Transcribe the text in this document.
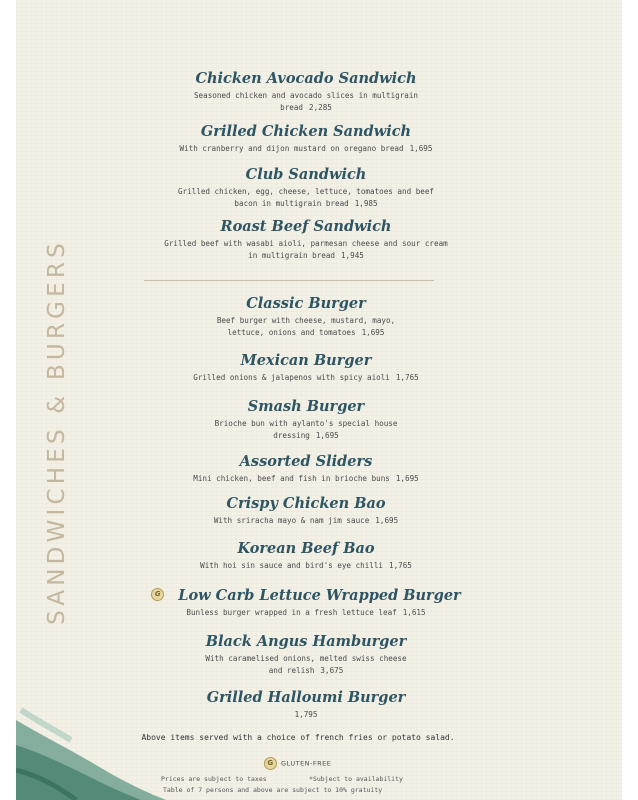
SANDWICHES & BURGERS
Chicken Avocado Sandwich
Seasoned chicken and avocado slices in multigrain bread 2,285
Grilled Chicken Sandwich
With cranberry and dijon mustard on oregano bread 1,695
Club Sandwich
Grilled chicken, egg, cheese, lettuce, tomatoes and beef bacon in multigrain bread 1,985
Roast Beef Sandwich
Grilled beef with wasabi aioli, parmesan cheese and sour cream in multigrain bread 1,945
Classic Burger
Beef burger with cheese, mustard, mayo, lettuce, onions and tomatoes 1,695
Mexican Burger
Grilled onions & jalapenos with spicy aioli 1,765
Smash Burger
Brioche bun with aylanto's special house dressing 1,695
Assorted Sliders
Mini chicken, beef and fish in brioche buns 1,695
Crispy Chicken Bao
With sriracha mayo & nam jim sauce 1,695
Korean Beef Bao
With hoi sin sauce and bird's eye chilli 1,765
G Low Carb Lettuce Wrapped Burger
Bunless burger wrapped in a fresh lettuce leaf 1,615
Black Angus Hamburger
With caramelised onions, melted swiss cheese and relish 3,675
Grilled Halloumi Burger
1,795
Above items served with a choice of french fries or potato salad.
G GLUTEN-FREE
Prices are subject to taxes	*Subject to availability
Table of 7 persons and above are subject to 10% gratuity
